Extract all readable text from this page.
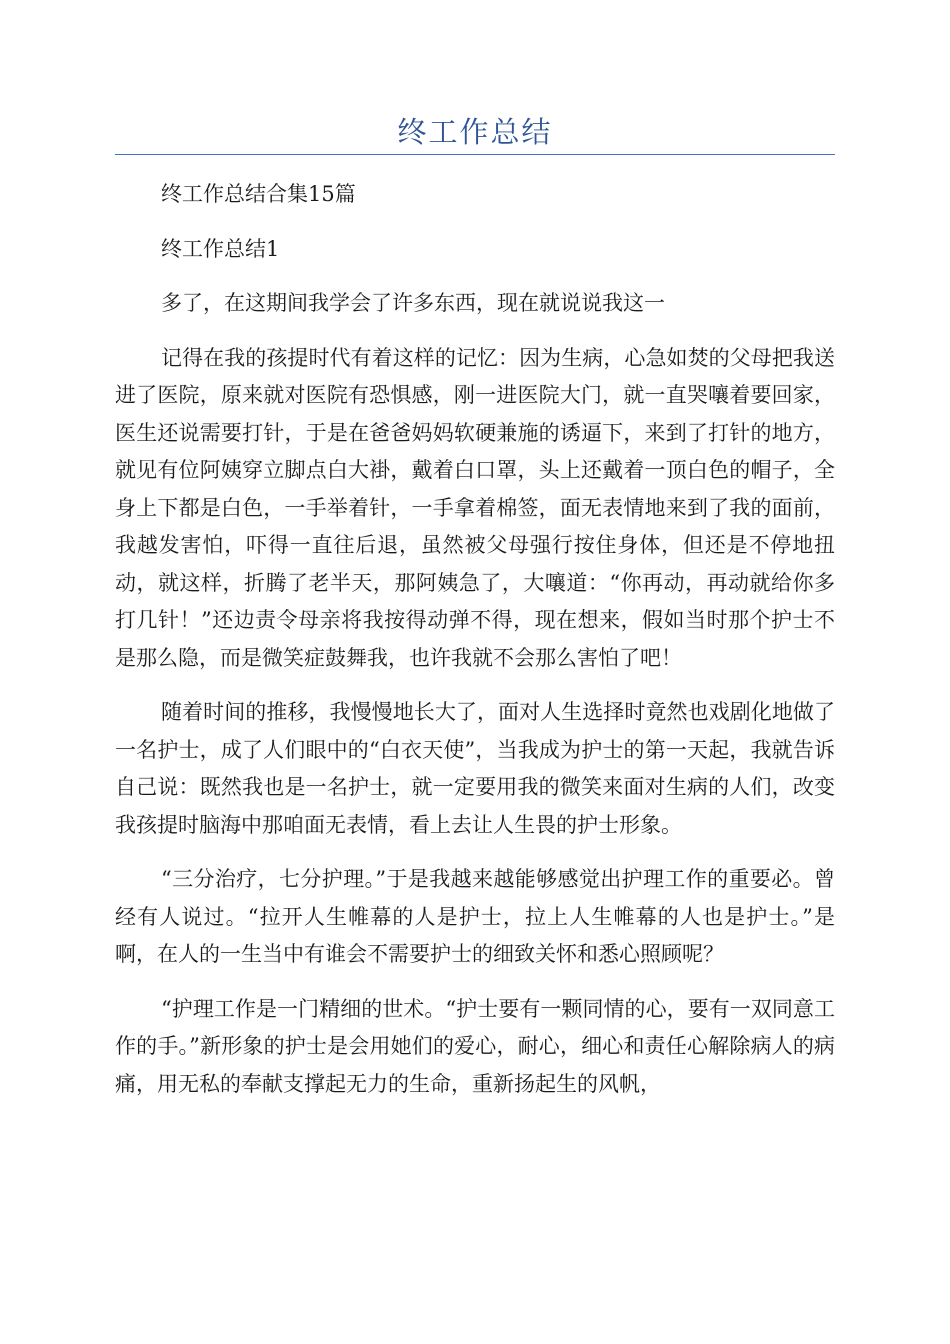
终工作总结

终工作总结合集15篇

终工作总结1

多了，在这期间我学会了许多东西，现在就说说我这一

记得在我的孩提时代有着这样的记忆：因为生病，心急如焚的父母把我送进了医院，原来就对医院有恐惧感，刚一进医院大门，就一直哭嚷着要回家，医生还说需要打针，于是在爸爸妈妈软硬兼施的诱逼下，来到了打针的地方，就见有位阿姨穿立脚点白大褂，戴着白口罩，头上还戴着一顶白色的帽子，全身上下都是白色，一手举着针，一手拿着棉签，面无表情地来到了我的面前，我越发害怕，吓得一直往后退，虽然被父母强行按住身体，但还是不停地扭动，就这样，折腾了老半天，那阿姨急了，大嚷道：“你再动，再动就给你多打几针！”还边责令母亲将我按得动弹不得，现在想来，假如当时那个护士不是那么隐，而是微笑症鼓舞我，也许我就不会那么害怕了吧！

随着时间的推移，我慢慢地长大了，面对人生选择时竟然也戏剧化地做了一名护士，成了人们眼中的“白衣天使”，当我成为护士的第一天起，我就告诉自己说：既然我也是一名护士，就一定要用我的微笑来面对生病的人们，改变我孩提时脑海中那咱面无表情，看上去让人生畏的护士形象。

“三分治疗，七分护理。”于是我越来越能够感觉出护理工作的重要必。曾经有人说过。“拉开人生帷幕的人是护士，拉上人生帷幕的人也是护士。”是啊，在人的一生当中有谁会不需要护士的细致关怀和悉心照顾呢？

“护理工作是一门精细的世术。“护士要有一颗同情的心，要有一双同意工作的手。”新形象的护士是会用她们的爱心，耐心，细心和责任心解除病人的病痛，用无私的奉献支撑起无力的生命，重新扬起生的风帆，
